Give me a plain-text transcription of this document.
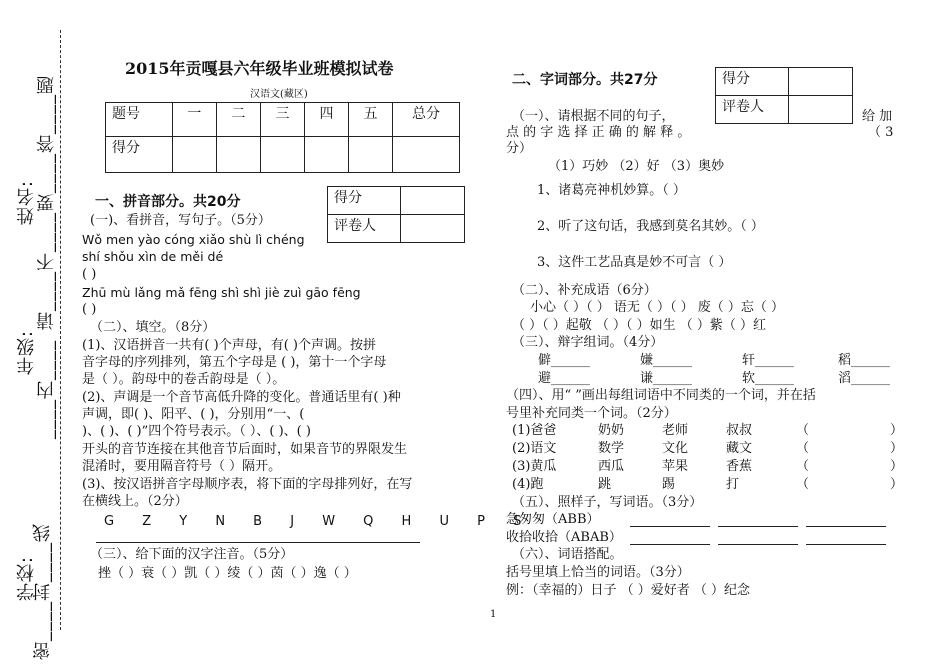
密____封____线
学校:
年级:
姓名: 请____不____要____答____题
____内____
2015年贡嘎县六年级毕业班模拟试卷
汉语文(藏区)
题号	一	二	三	四	五	总分
得分						
得分	
评卷人	
一、拼音部分。共20分
(一)、看拼音，写句子。（5分）
Wǒ men yào cóng xiǎo shù lì chéng
shí shǒu xìn de měi dé
( )
Zhū mù lǎng mǎ fēng shì shì jiè zuì gāo fēng
( )
（二）、填空。（8分）
(1)、汉语拼音一共有( )个声母，有( )个声调。按拼
音字母的序列排列，第五个字母是 ( )，第十一个字母
是（ ）。韵母中的卷舌韵母是（ ）。
(2)、声调是一个音节高低升降的变化。普通话里有( )种
声调，即( )、阳平、( )，分别用“一、(
)、( )、( )”四个符号表示。（ ）、( )、( )
开头的音节连接在其他音节后面时，如果音节的界限发生
混淆时，要用隔音符号（ ）隔开。
(3)、按汉语拼音字母顺序表，将下面的字母排列好，在写
在横线上。（2分）
G Z Y N B J W Q H U P S
（三）、给下面的汉字注音。（5分）
挫（ ）衰（ ）凯（ ）绫（ ）茵（ ）逸（ ）
二、字词部分。共27分	得分	
评卷人	
（一）、请根据不同的句子，	给 加
点 的 字 选 择 正 确 的 解 释 。	（ 3
分）
（1）巧妙 （2）好 （3）奥妙
1、诸葛亮神机妙算。（ ）
2、听了这句话，我感到莫名其妙。（ ）
3、这件工艺品真是妙不可言（ ）
（二）、补充成语（6分）
小心（ ）（ ） 语无（ ）（ ） 废（ ）忘（ ）
（ ）（ ）起敬 （ ）（ ）如生 （ ）紫（ ）红
（三）、辩字组词。（4分）
僻______	嫌______	轩______	稻______
避______	谦______	软______	滔______
（四）、用“ ”画出每组词语中不同类的一个词，并在括
号里补充同类一个词。（2分）
(1)爸爸	奶奶	老师	叔叔	（	）
(2)语文	数学	文化	藏文	（	）
(3)黄瓜	西瓜	苹果	香蕉	（	）
(4)跑	跳	踢	打	（	）
（五）、照样子，写词语。（3分）
急匆匆（ABB）
收拾收拾（ABAB）
（六）、词语搭配。
括号里填上恰当的词语。（3分）
例：（幸福的）日子 （ ）爱好者 （ ）纪念
1
